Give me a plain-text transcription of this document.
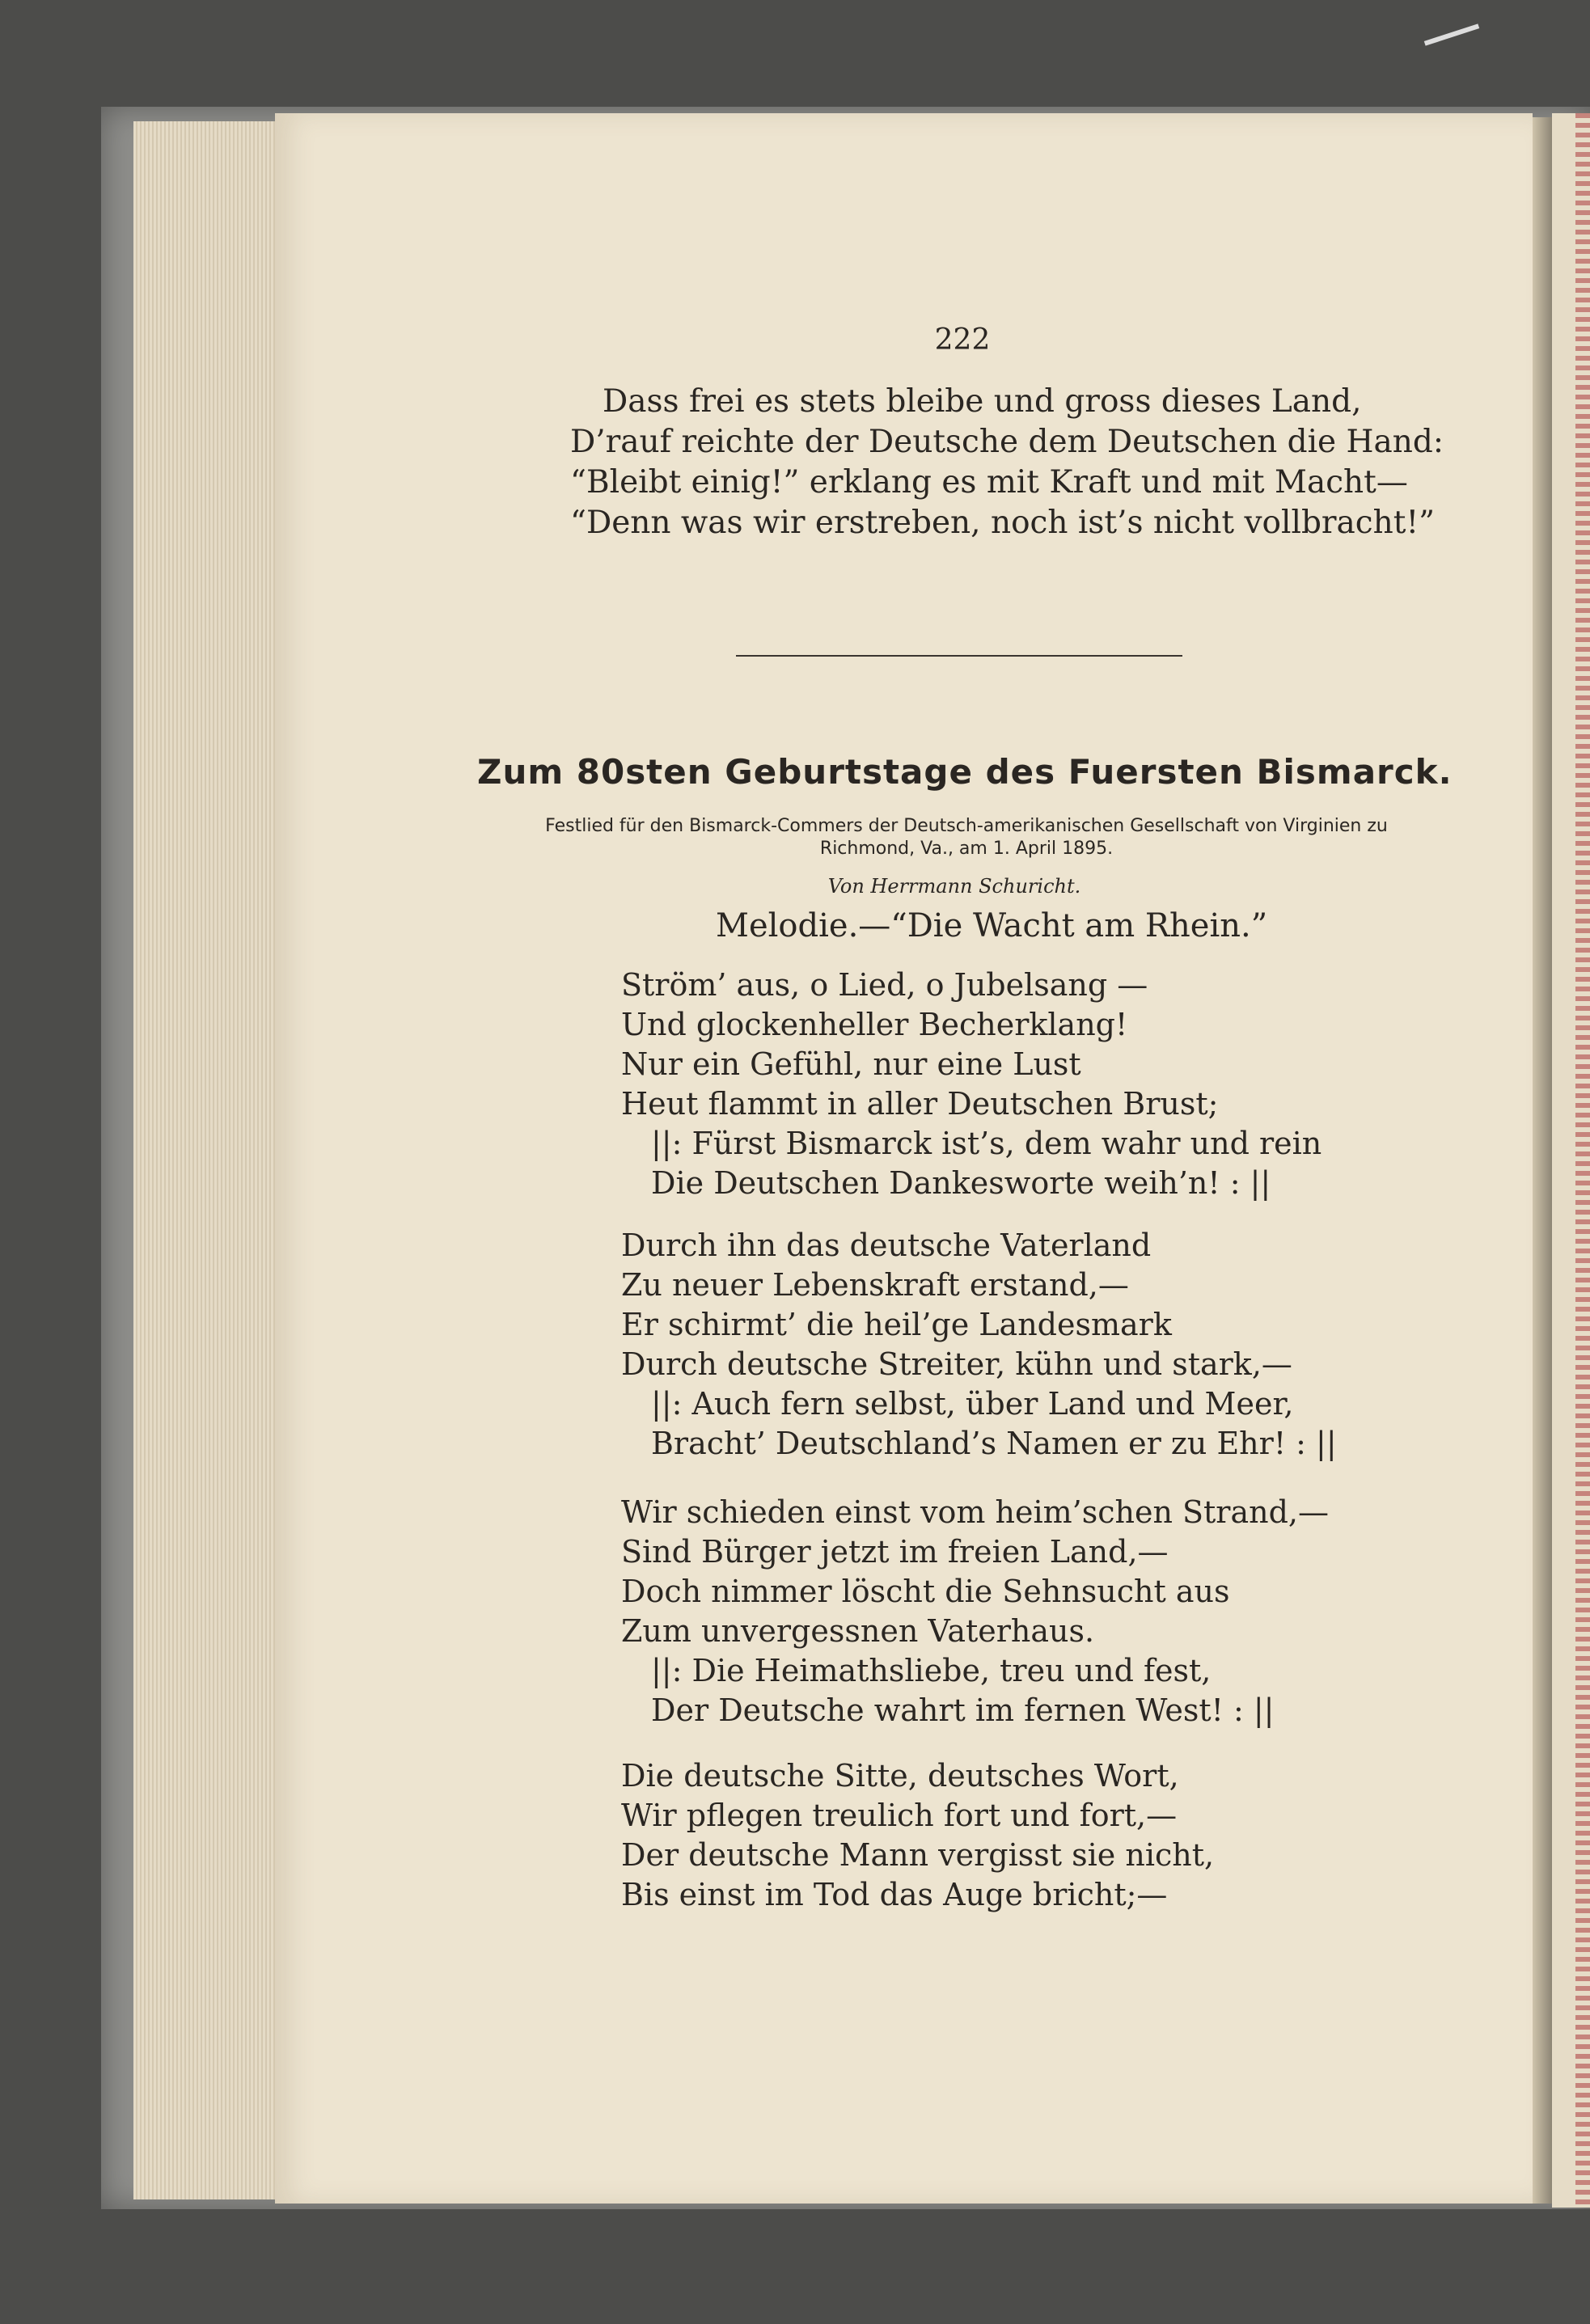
222
Dass frei es stets bleibe und gross dieses Land,
D’rauf reichte der Deutsche dem Deutschen die Hand:
“Bleibt einig!” erklang es mit Kraft und mit Macht—
“Denn was wir erstreben, noch ist’s nicht vollbracht!”
Zum 80sten Geburtstage des Fuersten Bismarck.
Festlied für den Bismarck-Commers der Deutsch-amerikanischen Gesellschaft von Virginien zu Richmond, Va., am 1. April 1895.
Von Herrmann Schuricht.
Melodie.—“Die Wacht am Rhein.”
Ström’ aus, o Lied, o Jubelsang —
Und glockenheller Becherklang!
Nur ein Gefühl, nur eine Lust
Heut flammt in aller Deutschen Brust;
||: Fürst Bismarck ist’s, dem wahr und rein
Die Deutschen Dankesworte weih’n! : ||
Durch ihn das deutsche Vaterland
Zu neuer Lebenskraft erstand,—
Er schirmt’ die heil’ge Landesmark
Durch deutsche Streiter, kühn und stark,—
||: Auch fern selbst, über Land und Meer,
Bracht’ Deutschland’s Namen er zu Ehr! : ||
Wir schieden einst vom heim’schen Strand,—
Sind Bürger jetzt im freien Land,—
Doch nimmer löscht die Sehnsucht aus
Zum unvergessnen Vaterhaus.
||: Die Heimathsliebe, treu und fest,
Der Deutsche wahrt im fernen West! : ||
Die deutsche Sitte, deutsches Wort,
Wir pflegen treulich fort und fort,—
Der deutsche Mann vergisst sie nicht,
Bis einst im Tod das Auge bricht;—
